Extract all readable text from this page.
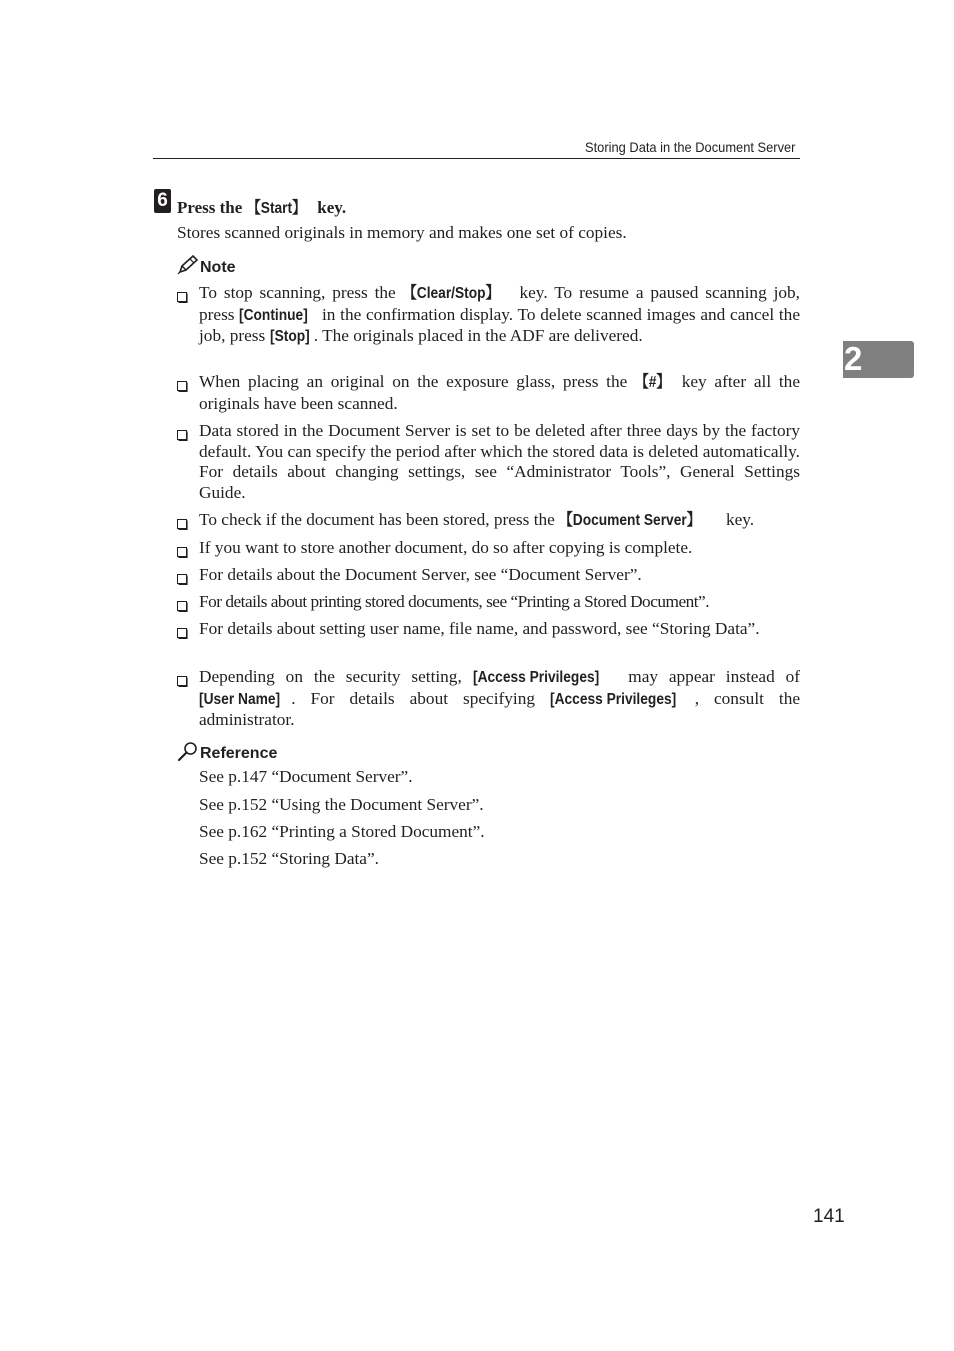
Storing Data in the Document Server
2
6 Press the 【Start】 key.
Stores scanned originals in memory and makes one set of copies.
Note
To stop scanning, press the 【Clear/Stop】 key. To resume a paused scanning job, press [Continue] in the confirmation display. To delete scanned images and cancel the job, press [Stop] . The originals placed in the ADF are delivered.
When placing an original on the exposure glass, press the 【#】 key after all the originals have been scanned.
Data stored in the Document Server is set to be deleted after three days by the factory default. You can specify the period after which the stored data is deleted automatically. For details about changing settings, see “Administrator Tools”, General Settings Guide.
To check if the document has been stored, press the 【Document Server】 key.
If you want to store another document, do so after copying is complete.
For details about the Document Server, see “Document Server”.
For details about printing stored documents, see “Printing a Stored Document”.
For details about setting user name, file name, and password, see “Storing Data”.
Depending on the security setting, [Access Privileges] may appear instead of [User Name] . For details about specifying [Access Privileges] , consult the administrator.
Reference
See p.147 “Document Server”.
See p.152 “Using the Document Server”.
See p.162 “Printing a Stored Document”.
See p.152 “Storing Data”.
141
